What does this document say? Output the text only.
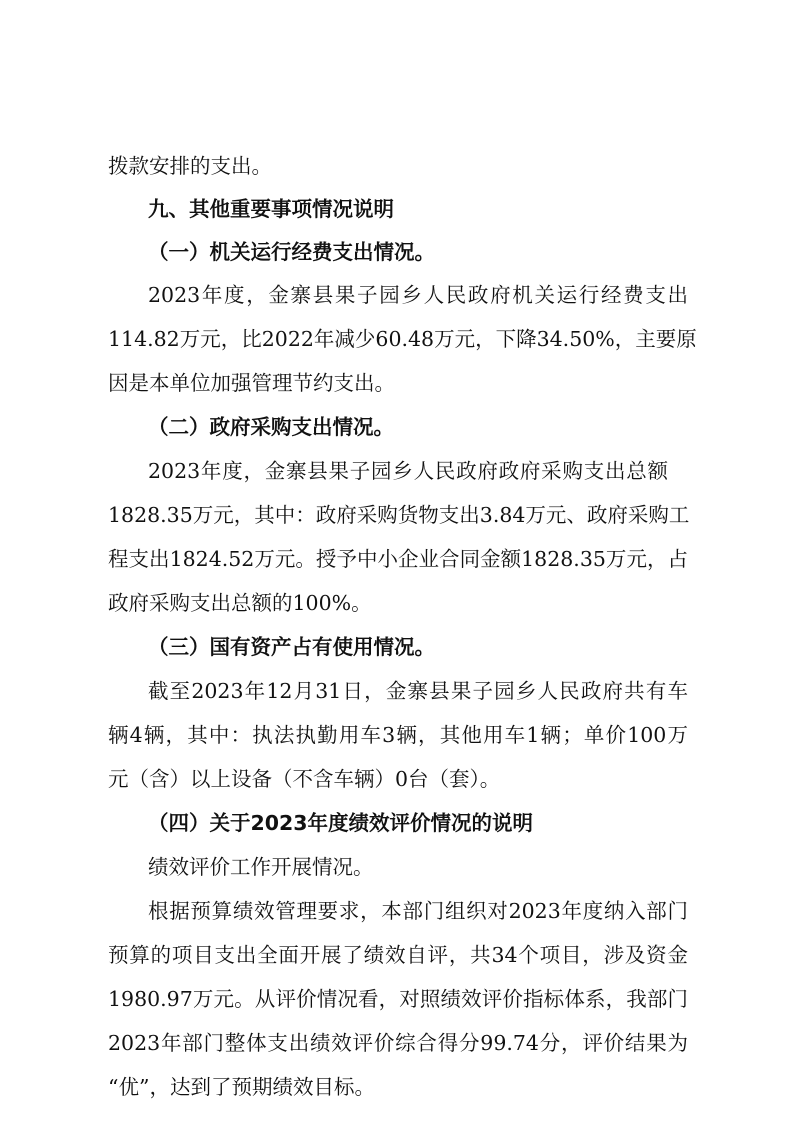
拨款安排的支出。
九、其他重要事项情况说明
（一）机关运行经费支出情况。
2023年度，金寨县果子园乡人民政府机关运行经费支出
114.82万元，比2022年减少60.48万元，下降34.50%，主要原
因是本单位加强管理节约支出。
（二）政府采购支出情况。
2023年度，金寨县果子园乡人民政府政府采购支出总额
1828.35万元，其中：政府采购货物支出3.84万元、政府采购工
程支出1824.52万元。授予中小企业合同金额1828.35万元，占
政府采购支出总额的100%。
（三）国有资产占有使用情况。
截至2023年12月31日，金寨县果子园乡人民政府共有车
辆4辆，其中：执法执勤用车3辆，其他用车1辆；单价100万
元（含）以上设备（不含车辆）0台（套）。
（四）关于2023年度绩效评价情况的说明
绩效评价工作开展情况。
根据预算绩效管理要求，本部门组织对2023年度纳入部门
预算的项目支出全面开展了绩效自评，共34个项目，涉及资金
1980.97万元。从评价情况看，对照绩效评价指标体系，我部门
2023年部门整体支出绩效评价综合得分99.74分，评价结果为
“优”，达到了预期绩效目标。
